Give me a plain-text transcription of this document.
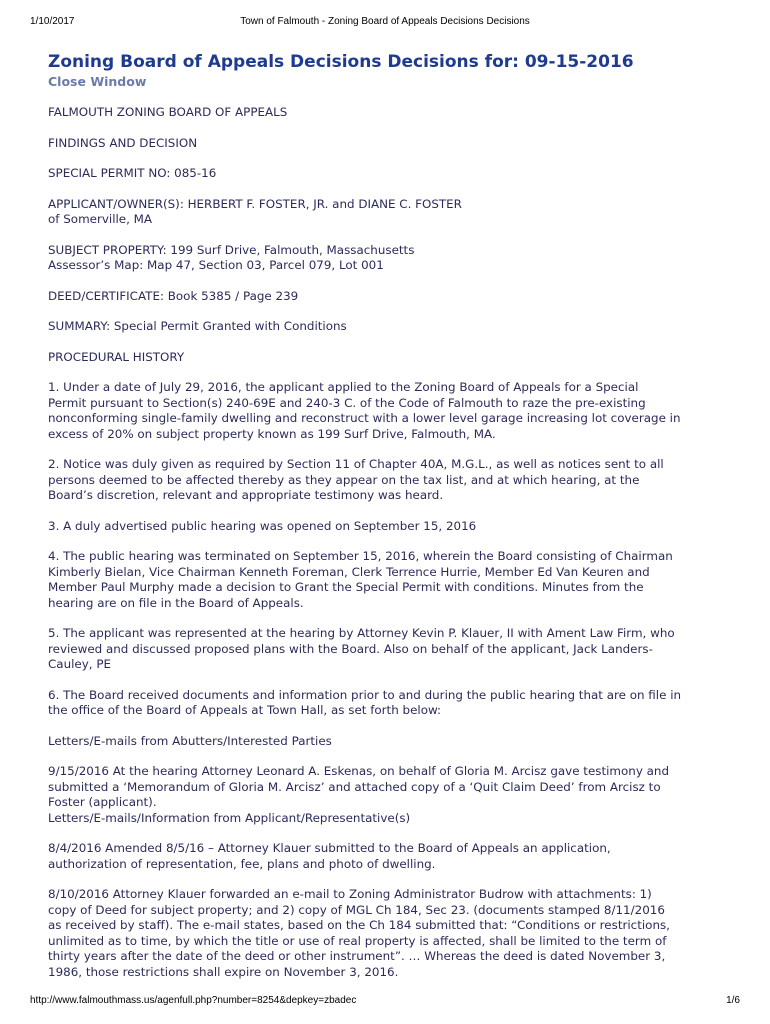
1/10/2017	Town of Falmouth - Zoning Board of Appeals Decisions Decisions
Zoning Board of Appeals Decisions Decisions for: 09-15-2016
Close Window

FALMOUTH ZONING BOARD OF APPEALS

FINDINGS AND DECISION

SPECIAL PERMIT NO: 085-16

APPLICANT/OWNER(S): HERBERT F. FOSTER, JR. and DIANE C. FOSTER
of Somerville, MA

SUBJECT PROPERTY: 199 Surf Drive, Falmouth, Massachusetts
Assessor’s Map: Map 47, Section 03, Parcel 079, Lot 001

DEED/CERTIFICATE: Book 5385 / Page 239

SUMMARY: Special Permit Granted with Conditions

PROCEDURAL HISTORY

1. Under a date of July 29, 2016, the applicant applied to the Zoning Board of Appeals for a Special
Permit pursuant to Section(s) 240-69E and 240-3 C. of the Code of Falmouth to raze the pre-existing
nonconforming single-family dwelling and reconstruct with a lower level garage increasing lot coverage in
excess of 20% on subject property known as 199 Surf Drive, Falmouth, MA.

2. Notice was duly given as required by Section 11 of Chapter 40A, M.G.L., as well as notices sent to all
persons deemed to be affected thereby as they appear on the tax list, and at which hearing, at the
Board’s discretion, relevant and appropriate testimony was heard.

3. A duly advertised public hearing was opened on September 15, 2016

4. The public hearing was terminated on September 15, 2016, wherein the Board consisting of Chairman
Kimberly Bielan, Vice Chairman Kenneth Foreman, Clerk Terrence Hurrie, Member Ed Van Keuren and
Member Paul Murphy made a decision to Grant the Special Permit with conditions. Minutes from the
hearing are on file in the Board of Appeals.

5. The applicant was represented at the hearing by Attorney Kevin P. Klauer, II with Ament Law Firm, who
reviewed and discussed proposed plans with the Board. Also on behalf of the applicant, Jack Landers-
Cauley, PE

6. The Board received documents and information prior to and during the public hearing that are on file in
the office of the Board of Appeals at Town Hall, as set forth below:

Letters/E-mails from Abutters/Interested Parties

9/15/2016 At the hearing Attorney Leonard A. Eskenas, on behalf of Gloria M. Arcisz gave testimony and
submitted a ‘Memorandum of Gloria M. Arcisz’ and attached copy of a ‘Quit Claim Deed’ from Arcisz to
Foster (applicant).
Letters/E-mails/Information from Applicant/Representative(s)

8/4/2016 Amended 8/5/16 – Attorney Klauer submitted to the Board of Appeals an application,
authorization of representation, fee, plans and photo of dwelling.

8/10/2016 Attorney Klauer forwarded an e-mail to Zoning Administrator Budrow with attachments: 1)
copy of Deed for subject property; and 2) copy of MGL Ch 184, Sec 23. (documents stamped 8/11/2016
as received by staff). The e-mail states, based on the Ch 184 submitted that: “Conditions or restrictions,
unlimited as to time, by which the title or use of real property is affected, shall be limited to the term of
thirty years after the date of the deed or other instrument”. … Whereas the deed is dated November 3,
1986, those restrictions shall expire on November 3, 2016.

http://www.falmouthmass.us/agenfull.php?number=8254&depkey=zbadec	1/6
